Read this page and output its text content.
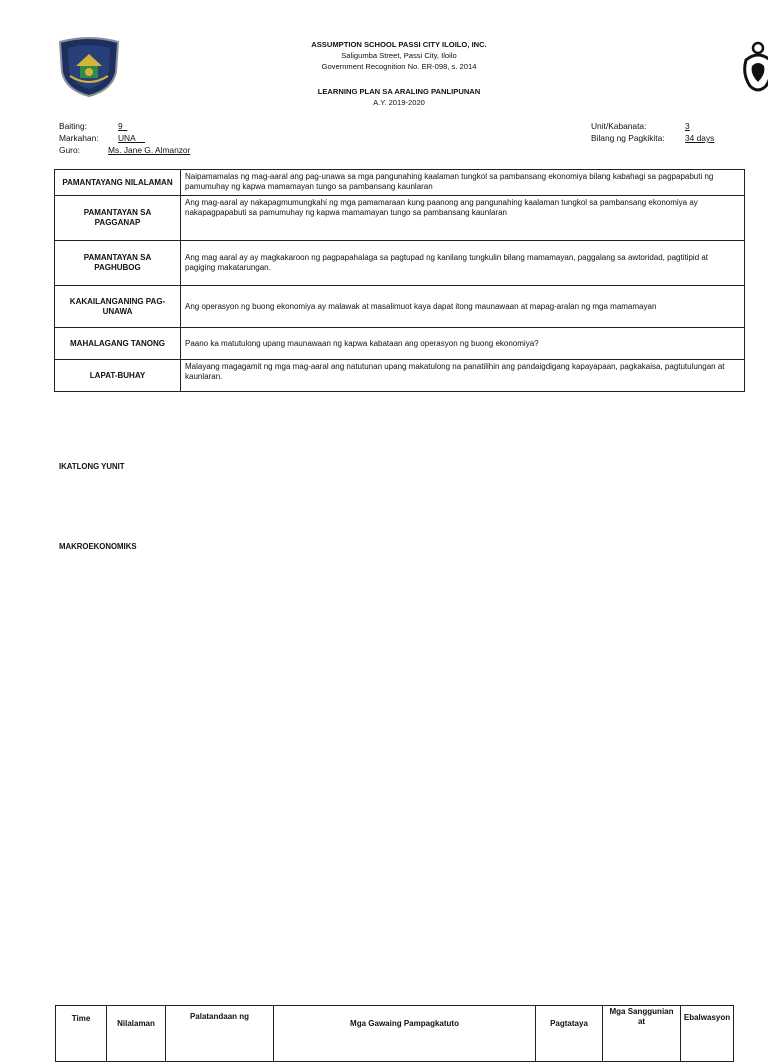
ASSUMPTION SCHOOL PASSI CITY ILOILO, INC.
Saligumba Street, Passi City, Iloilo
Government Recognition No. ER-098, s. 2014
LEARNING PLAN SA ARALING PANLIPUNAN
A.Y. 2019-2020
Baiting:	9
Markahan: UNA
Guro:	Ms. Jane G. Almanzor
Unit/Kabanata:	3
Bilang ng Pagkikita: 34 days
PAMANTAYANG NILALAMAN	Naipamamalas ng mag-aaral ang pag-unawa sa mga pangunahing kaalaman tungkol sa pambansang ekonomiya bilang kabahagi sa pagpapabuti ng pamumuhay ng kapwa mamamayan tungo sa pambansang kaunlaran
PAMANTAYAN SA PAGGANAP	Ang mag-aaral ay nakapagmumungkahi ng mga pamamaraan kung paanong ang pangunahing kaalaman tungkol sa pambansang ekonomiya ay
nakapagpapabuti sa pamumuhay ng kapwa mamamayan tungo sa pambansang kaunlaran
PAMANTAYAN SA PAGHUBOG	Ang mag aaral ay ay magkakaroon ng pagpapahalaga sa pagtupad ng kanilang tungkulin bilang mamamayan, paggalang sa awtoridad, pagtitipid at pagiging makatarungan.
KAKAILANGANING PAG-UNAWA	Ang operasyon ng buong ekonomiya ay malawak at masalimuot kaya dapat itong maunawaan at mapag-aralan ng mga mamamayan
MAHALAGANG TANONG	Paano ka matutulong upang maunawaan ng kapwa kabataan ang operasyon ng buong ekonomiya?
LAPAT-BUHAY	Malayang magagamit ng mga mag-aaral ang natutunan upang makatulong na panatilihin ang pandaigdigang kapayapaan, pagkakaisa, pagtutulungan at kaunlaran.
IKATLONG YUNIT
MAKROEKONOMIKS
Time	Nilalaman	Palatandaan ng	Mga Gawaing Pampagkatuto	Pagtataya	Mga Sanggunian at	Ebalwasyon
